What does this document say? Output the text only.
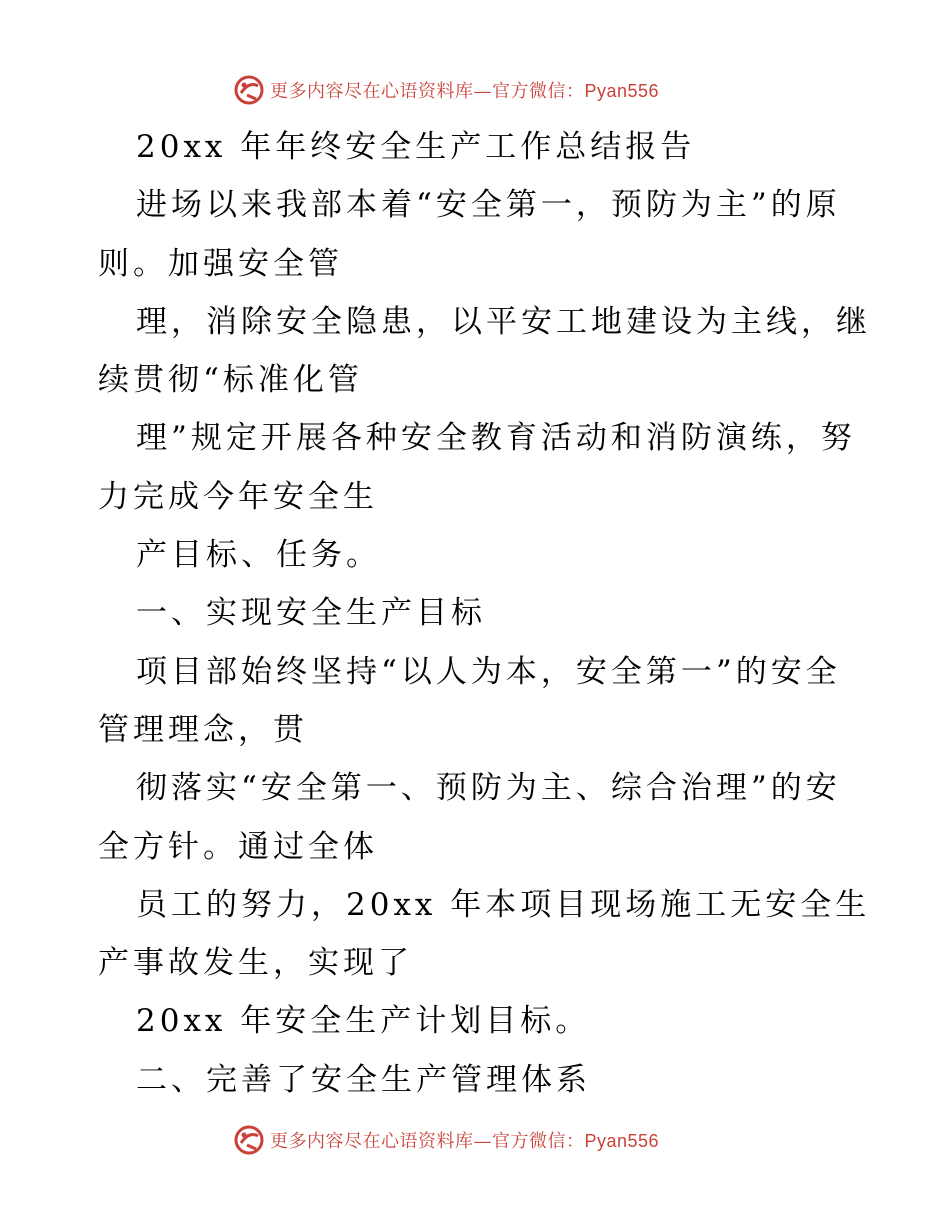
更多内容尽在心语资料库—官方微信：Pyan556
20xx 年年终安全生产工作总结报告
进场以来我部本着“安全第一，预防为主”的原
则。加强安全管
理，消除安全隐患，以平安工地建设为主线，继
续贯彻“标准化管
理”规定开展各种安全教育活动和消防演练，努
力完成今年安全生
产目标、任务。
一、实现安全生产目标
项目部始终坚持“以人为本，安全第一”的安全
管理理念，贯
彻落实“安全第一、预防为主、综合治理”的安
全方针。通过全体
员工的努力，20xx 年本项目现场施工无安全生
产事故发生，实现了
20xx 年安全生产计划目标。
二、完善了安全生产管理体系
更多内容尽在心语资料库—官方微信：Pyan556
